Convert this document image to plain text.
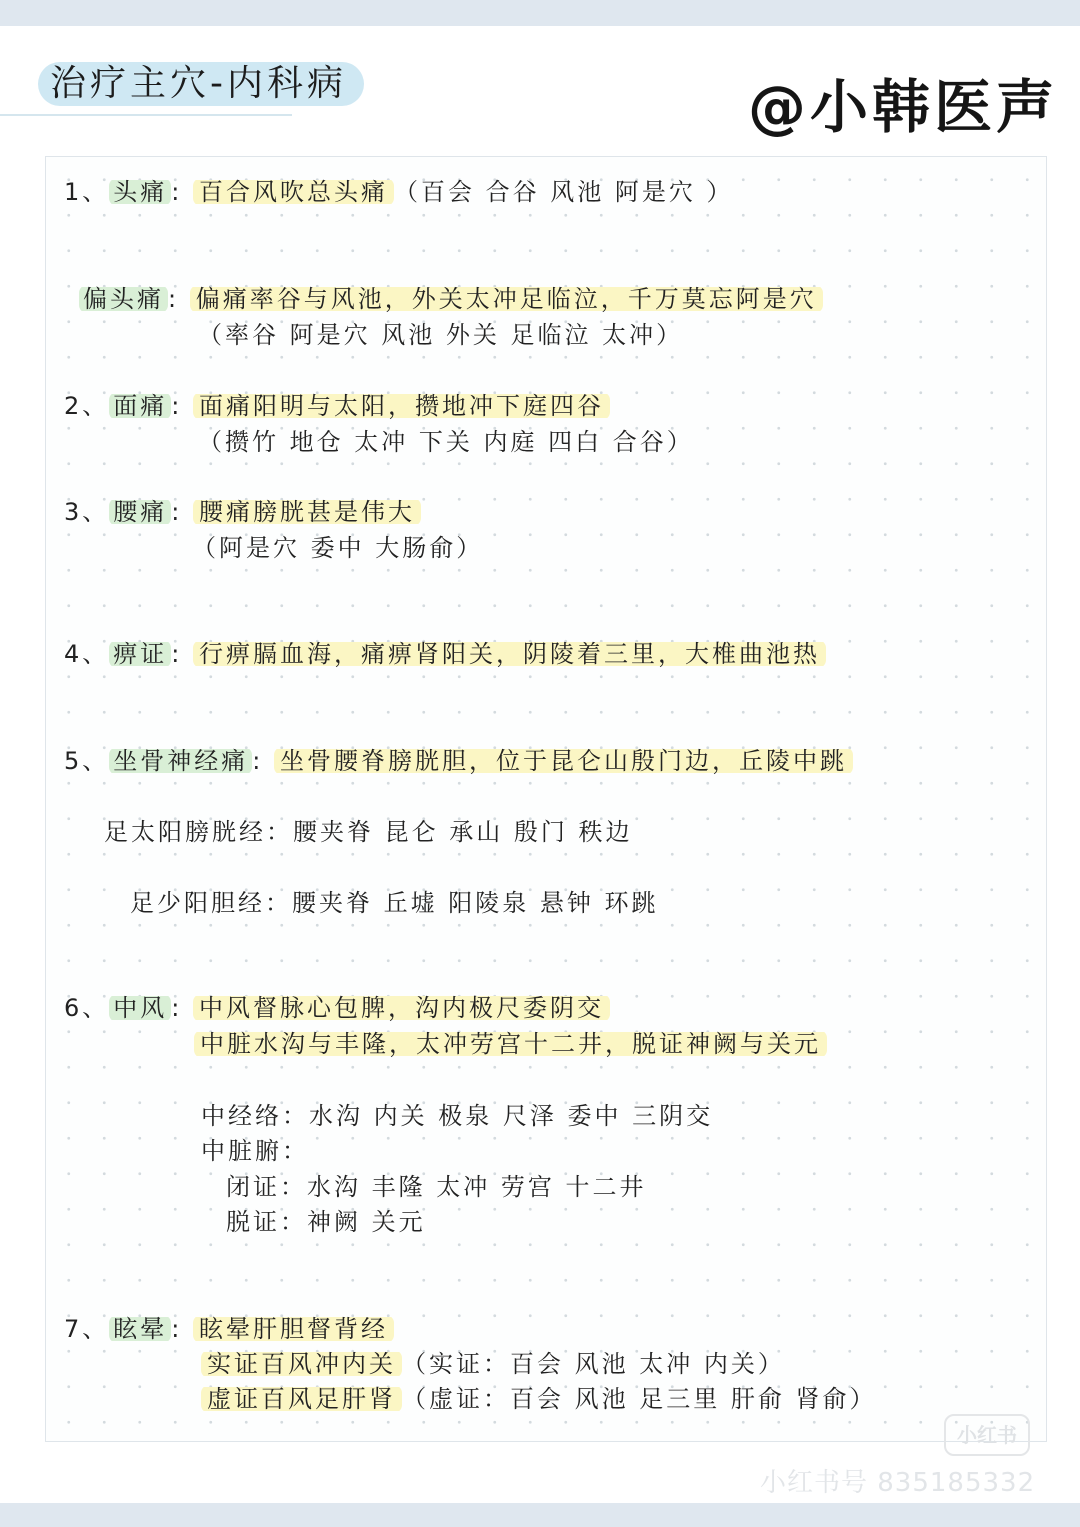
治疗主穴-内科病	@小韩医声
1、 头痛 : 百合风吹总头痛 （百会 合谷 风池 阿是穴 ）
偏头痛 : 偏痛率谷与风池，外关太冲足临泣，千万莫忘阿是穴
（率谷 阿是穴 风池 外关 足临泣 太冲）
2、 面痛 : 面痛阳明与太阳，攒地冲下庭四谷
（攒竹 地仓 太冲 下关 内庭 四白 合谷）
3、 腰痛 : 腰痛膀胱甚是伟大
（阿是穴 委中 大肠俞）
4、 痹证 : 行痹膈血海，痛痹肾阳关，阴陵着三里，大椎曲池热
5、 坐骨神经痛 : 坐骨腰脊膀胱胆，位于昆仑山殷门边，丘陵中跳
足太阳膀胱经：腰夹脊 昆仑 承山 殷门 秩边
足少阳胆经：腰夹脊 丘墟 阳陵泉 悬钟 环跳
6、 中风 : 中风督脉心包脾，沟内极尺委阴交
中脏水沟与丰隆，太冲劳宫十二井，脱证神阙与关元
中经络：水沟 内关 极泉 尺泽 委中 三阴交
中脏腑：
闭证：水沟 丰隆 太冲 劳宫 十二井
脱证：神阙 关元
7、 眩晕 : 眩晕肝胆督背经
实证百风冲内关 （实证：百会 风池 太冲 内关）
虚证百风足肝肾 （虚证：百会 风池 足三里 肝俞 肾俞）
小红书
小红书号 835185332
